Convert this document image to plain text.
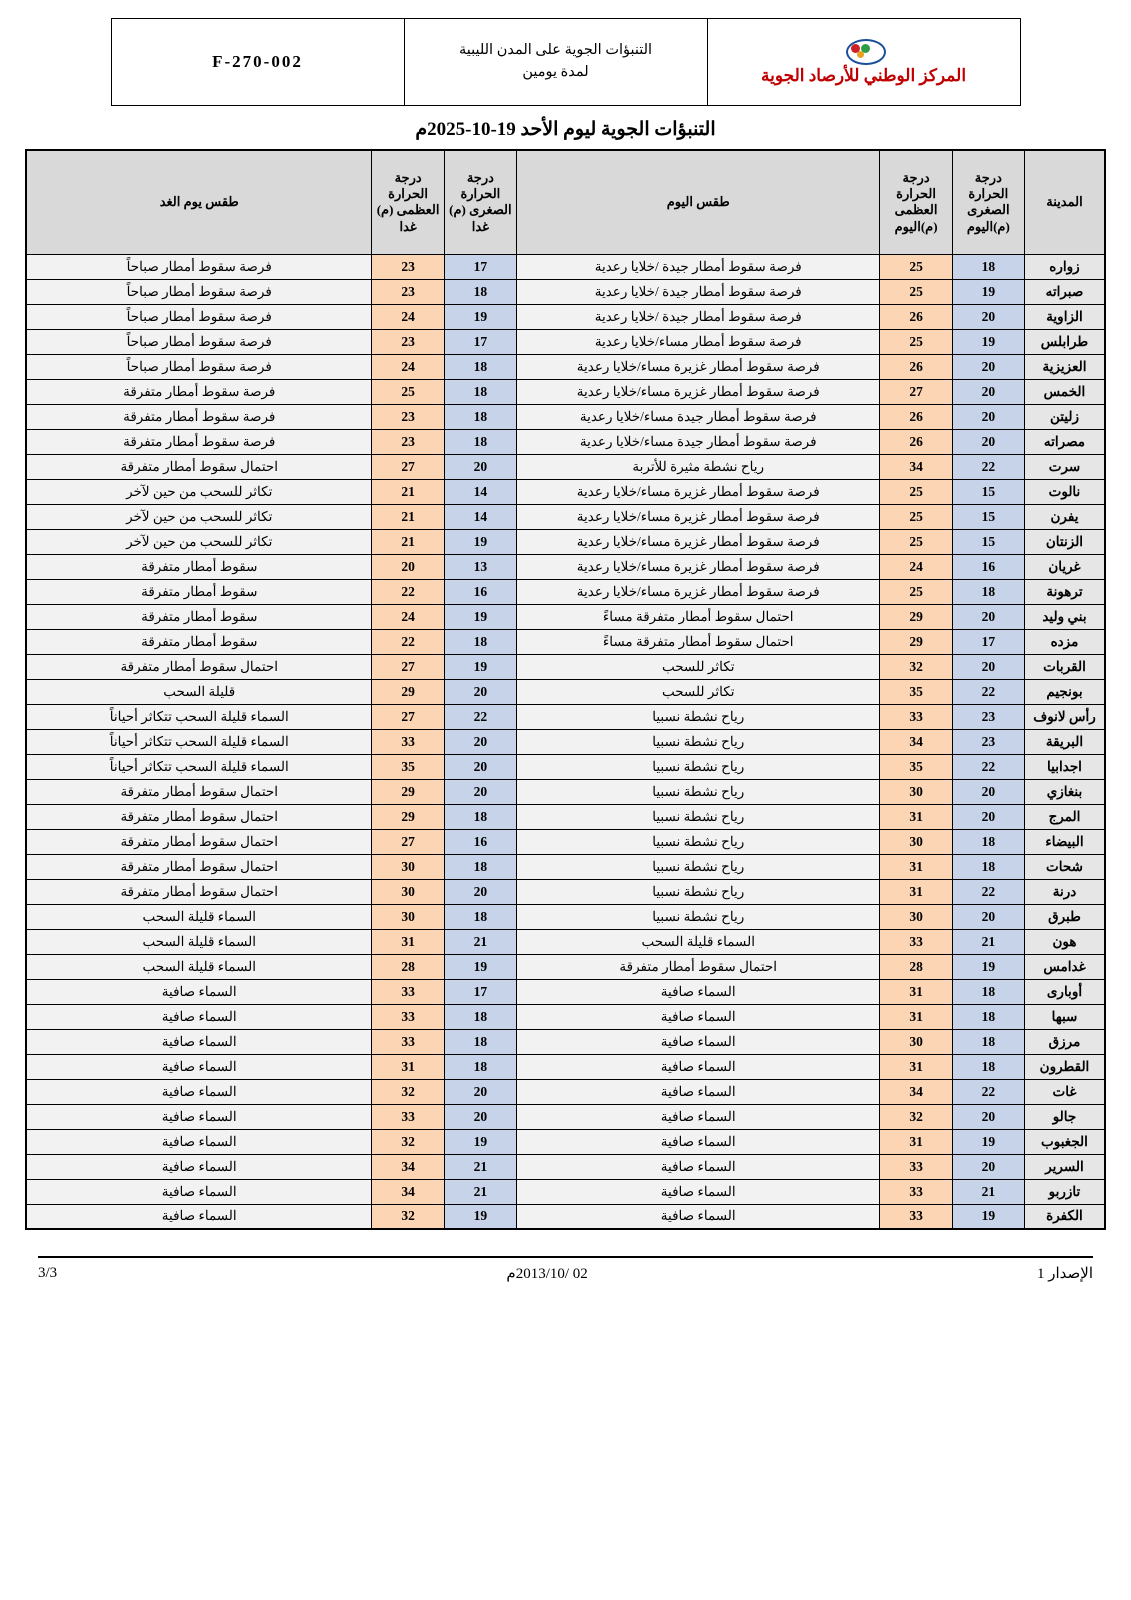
المركز الوطني للأرصاد الجوية

التنبؤات الجوية على المدن الليبية
لمدة يومين

F-270-002
التنبؤات الجوية ليوم الأحد 19-10-2025م
المدينة	درجة الحرارة الصغرى (م)اليوم	درجة الحرارة العظمى (م)اليوم	طقس اليوم	درجة الحرارة الصغرى (م) غدا	درجة الحرارة العظمى (م) غدا	طقس يوم الغد
زواره	18	25	فرصة سقوط أمطار جيدة /خلايا رعدية	17	23	فرصة سقوط أمطار صباحاً
صبراته	19	25	فرصة سقوط أمطار جيدة /خلايا رعدية	18	23	فرصة سقوط أمطار صباحاً
الزاوية	20	26	فرصة سقوط أمطار جيدة /خلايا رعدية	19	24	فرصة سقوط أمطار صباحاً
طرابلس	19	25	فرصة سقوط أمطار مساء/خلايا رعدية	17	23	فرصة سقوط أمطار صباحاً
العزيزية	20	26	فرصة سقوط أمطار غزيرة مساء/خلايا رعدية	18	24	فرصة سقوط أمطار صباحاً
الخمس	20	27	فرصة سقوط أمطار غزيرة مساء/خلايا رعدية	18	25	فرصة سقوط أمطار متفرقة
زليتن	20	26	فرصة سقوط أمطار جيدة مساء/خلايا رعدية	18	23	فرصة سقوط أمطار متفرقة
مصراته	20	26	فرصة سقوط أمطار جيدة مساء/خلايا رعدية	18	23	فرصة سقوط أمطار متفرقة
سرت	22	34	رياح نشطة مثيرة للأتربة	20	27	احتمال سقوط أمطار متفرقة
نالوت	15	25	فرصة سقوط أمطار غزيرة مساء/خلايا رعدية	14	21	تكاثر للسحب من حين لآخر
يفرن	15	25	فرصة سقوط أمطار غزيرة مساء/خلايا رعدية	14	21	تكاثر للسحب من حين لآخر
الزنتان	15	25	فرصة سقوط أمطار غزيرة مساء/خلايا رعدية	19	21	تكاثر للسحب من حين لآخر
غريان	16	24	فرصة سقوط أمطار غزيرة مساء/خلايا رعدية	13	20	سقوط أمطار متفرقة
ترهونة	18	25	فرصة سقوط أمطار غزيرة مساء/خلايا رعدية	16	22	سقوط أمطار متفرقة
بني وليد	20	29	احتمال سقوط أمطار متفرقة مساءً	19	24	سقوط أمطار متفرقة
مزده	17	29	احتمال سقوط أمطار متفرقة مساءً	18	22	سقوط أمطار متفرقة
القربات	20	32	تكاثر للسحب	19	27	احتمال سقوط أمطار متفرقة
بونجيم	22	35	تكاثر للسحب	20	29	قليلة السحب
رأس لانوف	23	33	رياح نشطة نسبيا	22	27	السماء قليلة السحب تتكاثر أحياناً
البريقة	23	34	رياح نشطة نسبيا	20	33	السماء قليلة السحب تتكاثر أحياناً
اجدابيا	22	35	رياح نشطة نسبيا	20	35	السماء قليلة السحب تتكاثر أحياناً
بنغازي	20	30	رياح نشطة نسبيا	20	29	احتمال سقوط أمطار متفرقة
المرج	20	31	رياح نشطة نسبيا	18	29	احتمال سقوط أمطار متفرقة
البيضاء	18	30	رياح نشطة نسبيا	16	27	احتمال سقوط أمطار متفرقة
شحات	18	31	رياح نشطة نسبيا	18	30	احتمال سقوط أمطار متفرقة
درنة	22	31	رياح نشطة نسبيا	20	30	احتمال سقوط أمطار متفرقة
طبرق	20	30	رياح نشطة نسبيا	18	30	السماء قليلة السحب
هون	21	33	السماء قليلة السحب	21	31	السماء قليلة السحب
غدامس	19	28	احتمال سقوط أمطار متفرقة	19	28	السماء قليلة السحب
أوبارى	18	31	السماء صافية	17	33	السماء صافية
سبها	18	31	السماء صافية	18	33	السماء صافية
مرزق	18	30	السماء صافية	18	33	السماء صافية
القطرون	18	31	السماء صافية	18	31	السماء صافية
غات	22	34	السماء صافية	20	32	السماء صافية
جالو	20	32	السماء صافية	20	33	السماء صافية
الجغبوب	19	31	السماء صافية	19	32	السماء صافية
السرير	20	33	السماء صافية	21	34	السماء صافية
تازربو	21	33	السماء صافية	21	34	السماء صافية
الكفرة	19	33	السماء صافية	19	32	السماء صافية
الإصدار 1
02 /2013/10م
3/3
